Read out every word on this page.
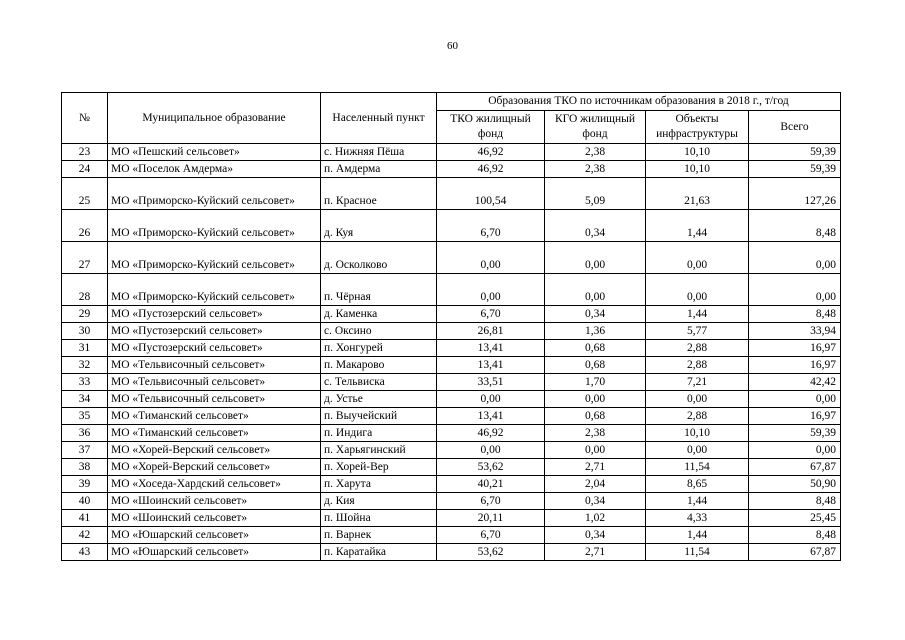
60
№	Муниципальное образование	Населенный пункт	Образования ТКО по источникам образования в 2018 г., т/год			
			ТКО жилищный фонд	КГО жилищный фонд	Объекты инфраструктуры	Всего
23	МО «Пешский сельсовет»	с. Нижняя Пёша	46,92	2,38	10,10	59,39
24	МО «Поселок Амдерма»	п. Амдерма	46,92	2,38	10,10	59,39
25	МО «Приморско-Куйский сельсовет»	п. Красное	100,54	5,09	21,63	127,26
26	МО «Приморско-Куйский сельсовет»	д. Куя	6,70	0,34	1,44	8,48
27	МО «Приморско-Куйский сельсовет»	д. Осколково	0,00	0,00	0,00	0,00
28	МО «Приморско-Куйский сельсовет»	п. Чёрная	0,00	0,00	0,00	0,00
29	МО «Пустозерский сельсовет»	д. Каменка	6,70	0,34	1,44	8,48
30	МО «Пустозерский сельсовет»	с. Оксино	26,81	1,36	5,77	33,94
31	МО «Пустозерский сельсовет»	п. Хонгурей	13,41	0,68	2,88	16,97
32	МО «Тельвисочный сельсовет»	п. Макарово	13,41	0,68	2,88	16,97
33	МО «Тельвисочный сельсовет»	с. Тельвиска	33,51	1,70	7,21	42,42
34	МО «Тельвисочный сельсовет»	д. Устье	0,00	0,00	0,00	0,00
35	МО «Тиманский сельсовет»	п. Выучейский	13,41	0,68	2,88	16,97
36	МО «Тиманский сельсовет»	п. Индига	46,92	2,38	10,10	59,39
37	МО «Хорей-Верский сельсовет»	п. Харьягинский	0,00	0,00	0,00	0,00
38	МО «Хорей-Верский сельсовет»	п. Хорей-Вер	53,62	2,71	11,54	67,87
39	МО «Хоседа-Хардский сельсовет»	п. Харута	40,21	2,04	8,65	50,90
40	МО «Шоинский сельсовет»	д. Кия	6,70	0,34	1,44	8,48
41	МО «Шоинский сельсовет»	п. Шойна	20,11	1,02	4,33	25,45
42	МО «Юшарский сельсовет»	п. Варнек	6,70	0,34	1,44	8,48
43	МО «Юшарский сельсовет»	п. Каратайка	53,62	2,71	11,54	67,87
